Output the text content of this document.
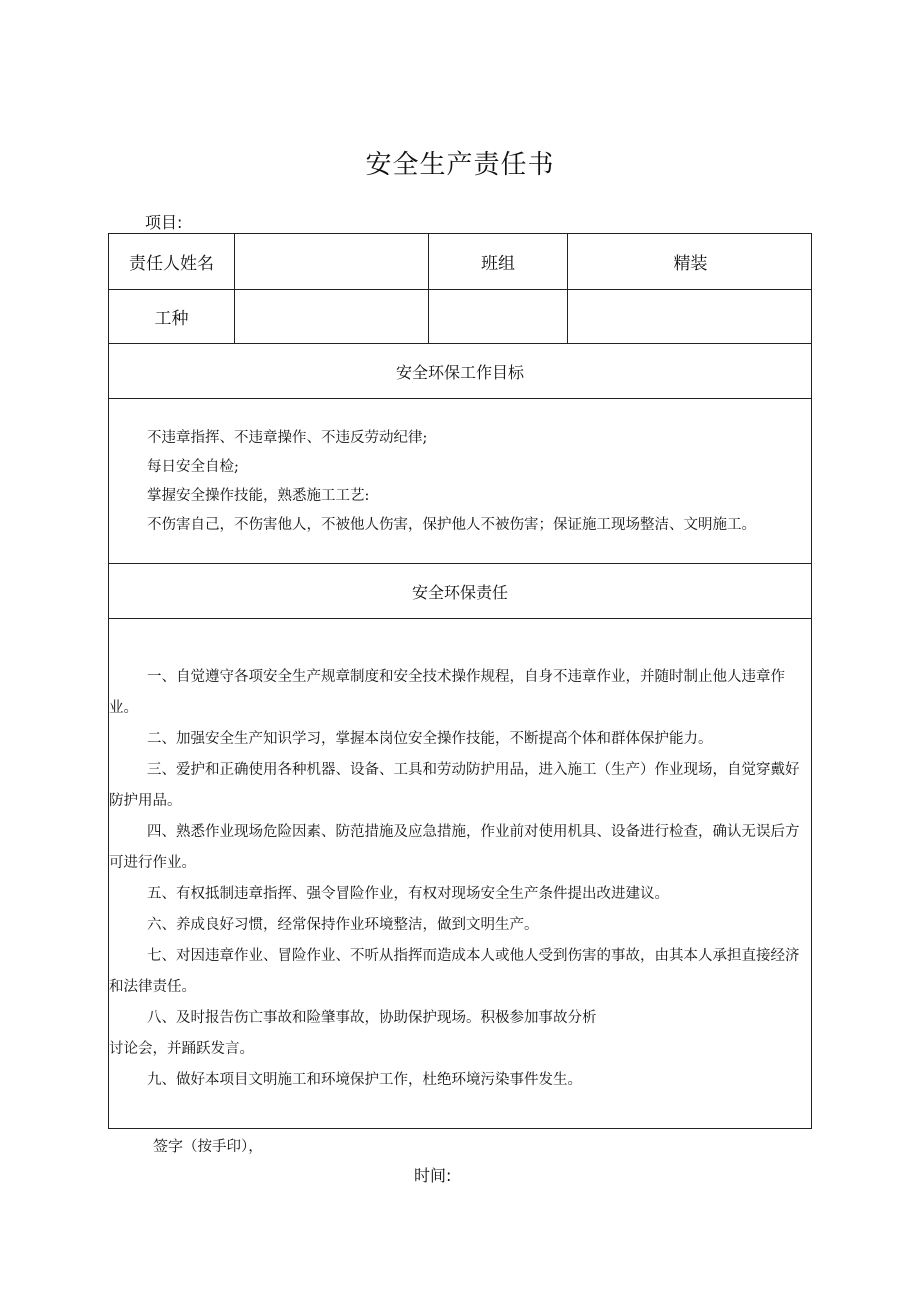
安全生产责任书
项目:
责任人姓名	班组	精装
工种
安全环保工作目标
不违章指挥、不违章操作、不违反劳动纪律;
每日安全自检;
掌握安全操作技能，熟悉施工工艺:
不伤害自己，不伤害他人，不被他人伤害，保护他人不被伤害；保证施工现场整洁、文明施工。
安全环保责任
一、自觉遵守各项安全生产规章制度和安全技术操作规程，自身不违章作业，并随时制止他人违章作业。
二、加强安全生产知识学习，掌握本岗位安全操作技能，不断提高个体和群体保护能力。
三、爱护和正确使用各种机器、设备、工具和劳动防护用品，进入施工（生产）作业现场，自觉穿戴好防护用品。
四、熟悉作业现场危险因素、防范措施及应急措施，作业前对使用机具、设备进行检查，确认无误后方可进行作业。
五、有权抵制违章指挥、强令冒险作业，有权对现场安全生产条件提出改进建议。
六、养成良好习惯，经常保持作业环境整洁，做到文明生产。
七、对因违章作业、冒险作业、不听从指挥而造成本人或他人受到伤害的事故，由其本人承担直接经济和法律责任。
八、及时报告伤亡事故和险肇事故，协助保护现场。积极参加事故分析
讨论会，并踊跃发言。
九、做好本项目文明施工和环境保护工作，杜绝环境污染事件发生。
签字（按手印），
时间:
